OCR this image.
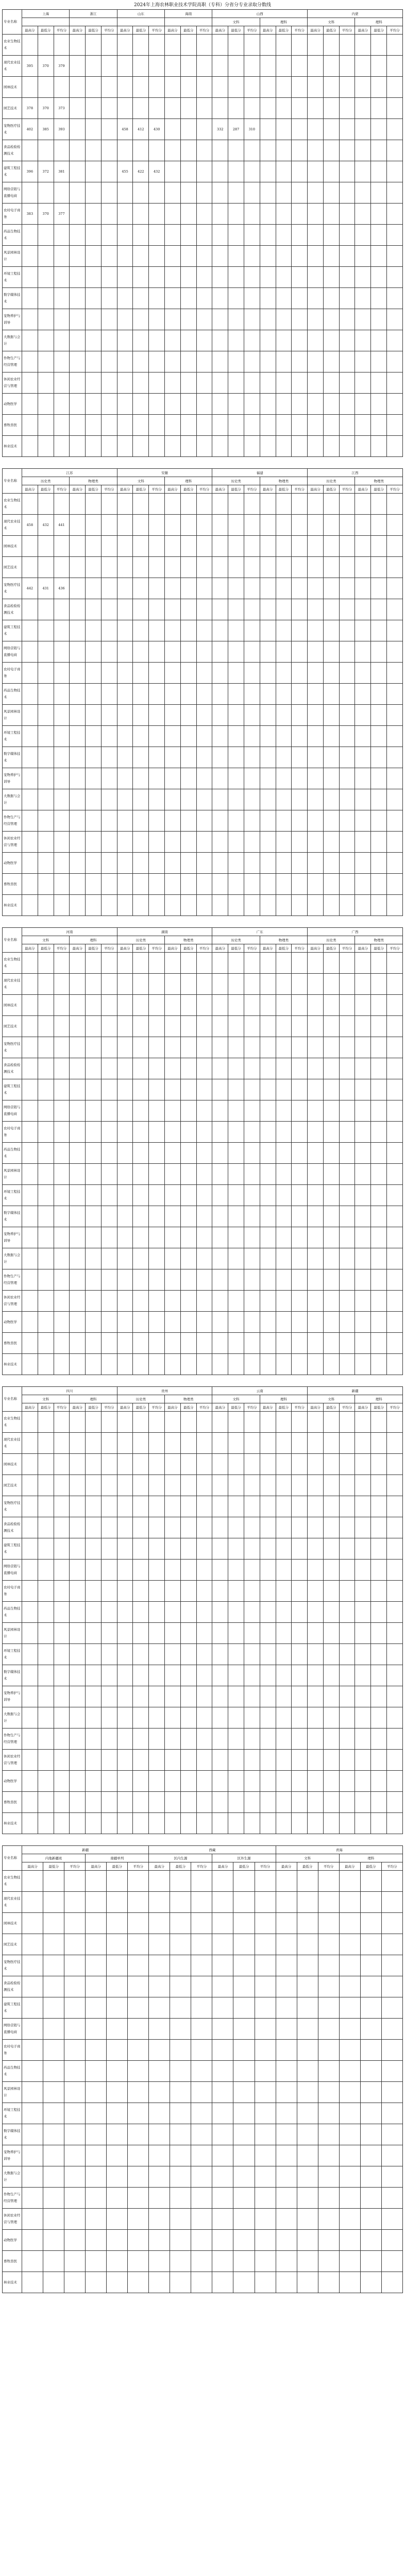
2024年上海农林职业技术学院高职（专科）分省分专业录取分数线
专业名称	上海			浙江			山东			海南			山西						内蒙					
													文科			理科			文科			理科		
	最高分	最低分	平均分	最高分	最低分	平均分	最高分	最低分	平均分	最高分	最低分	平均分	最高分	最低分	平均分	最高分	最低分	平均分	最高分	最低分	平均分	最高分	最低分	平均分
农业生物技术																								
现代农业技术	395	370	379																					
园林技术																								
园艺技术	378	370	373																					
宠物医疗技术	402	385	393				458	412	430				332	287	310									
食品检验检测技术																								
建筑工程技术	396	372	381				455	422	432															
网络营销与直播电商																								
农村电子商务	383	370	377																					
药品生物技术																								
风景园林设计																								
环境工程技术																								
数字媒体技术																								
宠物养护与训导																								
大数据与会计																								
作物生产与经营管理																								
休闲农业经营与管理																								
动物医学																								
畜牧兽医																								
林业技术																								
专业名称	江苏						安徽						福建						江西					
	历史类			物理类			文科			理科			历史类			物理类			历史类			物理类		
	最高分	最低分	平均分	最高分	最低分	平均分	最高分	最低分	平均分	最高分	最低分	平均分	最高分	最低分	平均分	最高分	最低分	平均分	最高分	最低分	平均分	最高分	最低分	平均分
农业生物技术																								
现代农业技术	458	432	441																					
园林技术																								
园艺技术																								
宠物医疗技术	442	431	436																					
食品检验检测技术																								
建筑工程技术																								
网络营销与直播电商																								
农村电子商务																								
药品生物技术																								
风景园林设计																								
环境工程技术																								
数字媒体技术																								
宠物养护与训导																								
大数据与会计																								
作物生产与经营管理																								
休闲农业经营与管理																								
动物医学																								
畜牧兽医																								
林业技术																								
专业名称	河南						湖南						广东						广西					
	文科			理科			历史类			物理类			历史类			物理类			历史类			物理类		
	最高分	最低分	平均分	最高分	最低分	平均分	最高分	最低分	平均分	最高分	最低分	平均分	最高分	最低分	平均分	最高分	最低分	平均分	最高分	最低分	平均分	最高分	最低分	平均分
农业生物技术																								
现代农业技术																								
园林技术																								
园艺技术																								
宠物医疗技术																								
食品检验检测技术																								
建筑工程技术																								
网络营销与直播电商																								
农村电子商务																								
药品生物技术																								
风景园林设计																								
环境工程技术																								
数字媒体技术																								
宠物养护与训导																								
大数据与会计																								
作物生产与经营管理																								
休闲农业经营与管理																								
动物医学																								
畜牧兽医																								
林业技术																								
专业名称	四川						贵州						云南						新疆					
	文科			理科			历史类			物理类			文科			理科			文科			理科		
	最高分	最低分	平均分	最高分	最低分	平均分	最高分	最低分	平均分	最高分	最低分	平均分	最高分	最低分	平均分	最高分	最低分	平均分	最高分	最低分	平均分	最高分	最低分	平均分
农业生物技术																								
现代农业技术																								
园林技术																								
园艺技术																								
宠物医疗技术																								
食品检验检测技术																								
建筑工程技术																								
网络营销与直播电商																								
农村电子商务																								
药品生物技术																								
风景园林设计																								
环境工程技术																								
数字媒体技术																								
宠物养护与训导																								
大数据与会计																								
作物生产与经营管理																								
休闲农业经营与管理																								
动物医学																								
畜牧兽医																								
林业技术																								
专业名称	新疆						西藏						青海					
	内地新疆班			南疆单列			区内生源			区外生源			文科			理科		
	最高分	最低分	平均分	最高分	最低分	平均分	最高分	最低分	平均分	最高分	最低分	平均分	最高分	最低分	平均分	最高分	最低分	平均分
农业生物技术																		
现代农业技术																		
园林技术																		
园艺技术																		
宠物医疗技术																		
食品检验检测技术																		
建筑工程技术																		
网络营销与直播电商																		
农村电子商务																		
药品生物技术																		
风景园林设计																		
环境工程技术																		
数字媒体技术																		
宠物养护与训导																		
大数据与会计																		
作物生产与经营管理																		
休闲农业经营与管理																		
动物医学																		
畜牧兽医																		
林业技术																		
